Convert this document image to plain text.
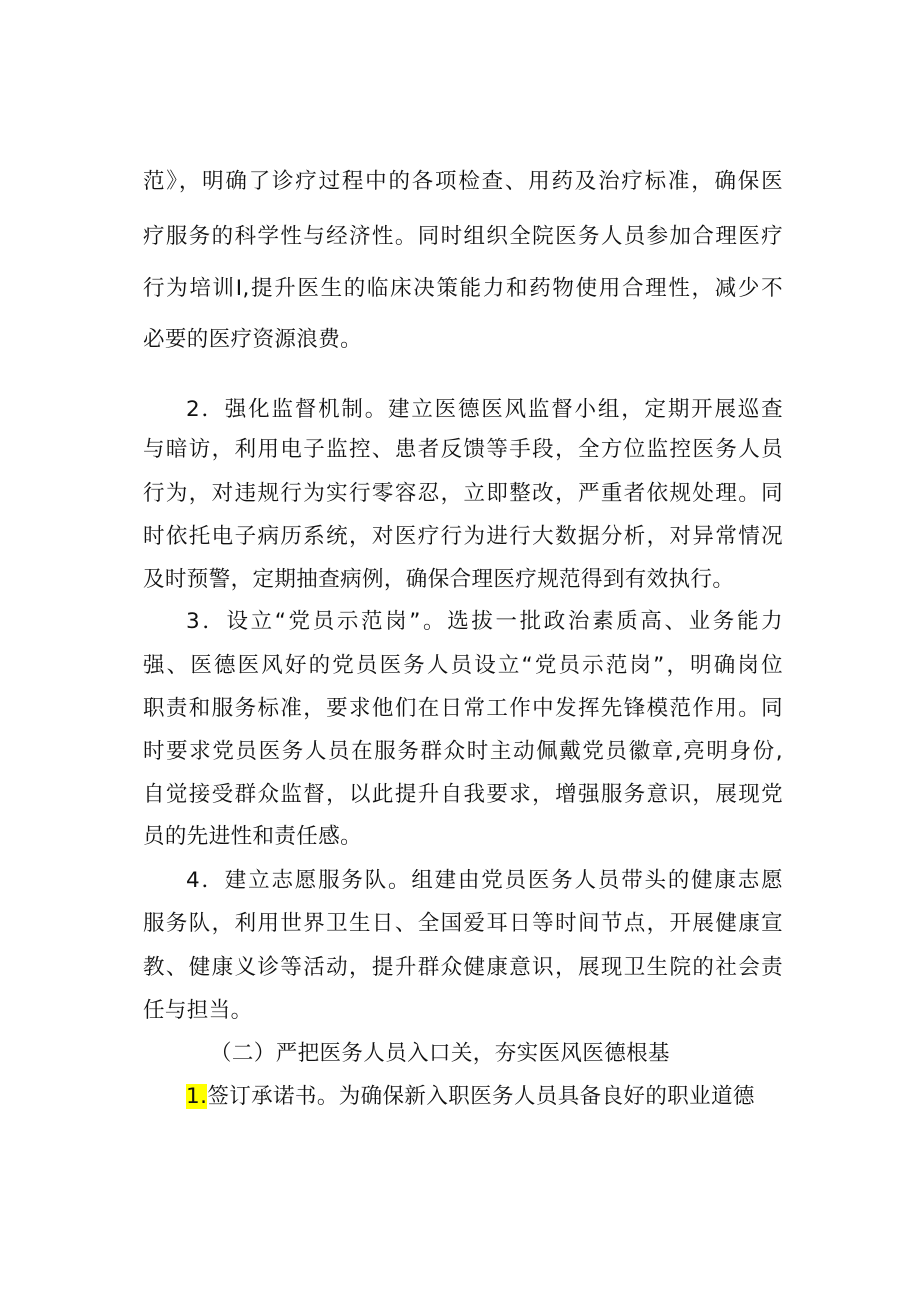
范》，明确了诊疗过程中的各项检查、用药及治疗标准，确保医
疗服务的科学性与经济性。同时组织全院医务人员参加合理医疗
行为培训I,提升医生的临床决策能力和药物使用合理性，减少不
必要的医疗资源浪费。
2．强化监督机制。建立医德医风监督小组，定期开展巡查
与暗访，利用电子监控、患者反馈等手段，全方位监控医务人员
行为，对违规行为实行零容忍，立即整改，严重者依规处理。同
时依托电子病历系统，对医疗行为进行大数据分析，对异常情况
及时预警，定期抽查病例，确保合理医疗规范得到有效执行。
3．设立“党员示范岗”。选拔一批政治素质高、业务能力
强、医德医风好的党员医务人员设立“党员示范岗”，明确岗位
职责和服务标准，要求他们在日常工作中发挥先锋模范作用。同
时要求党员医务人员在服务群众时主动佩戴党员徽章,亮明身份,
自觉接受群众监督，以此提升自我要求，增强服务意识，展现党
员的先进性和责任感。
4．建立志愿服务队。组建由党员医务人员带头的健康志愿
服务队，利用世界卫生日、全国爱耳日等时间节点，开展健康宣
教、健康义诊等活动，提升群众健康意识，展现卫生院的社会责
任与担当。
（二）严把医务人员入口关，夯实医风医德根基
1.签订承诺书。为确保新入职医务人员具备良好的职业道德
